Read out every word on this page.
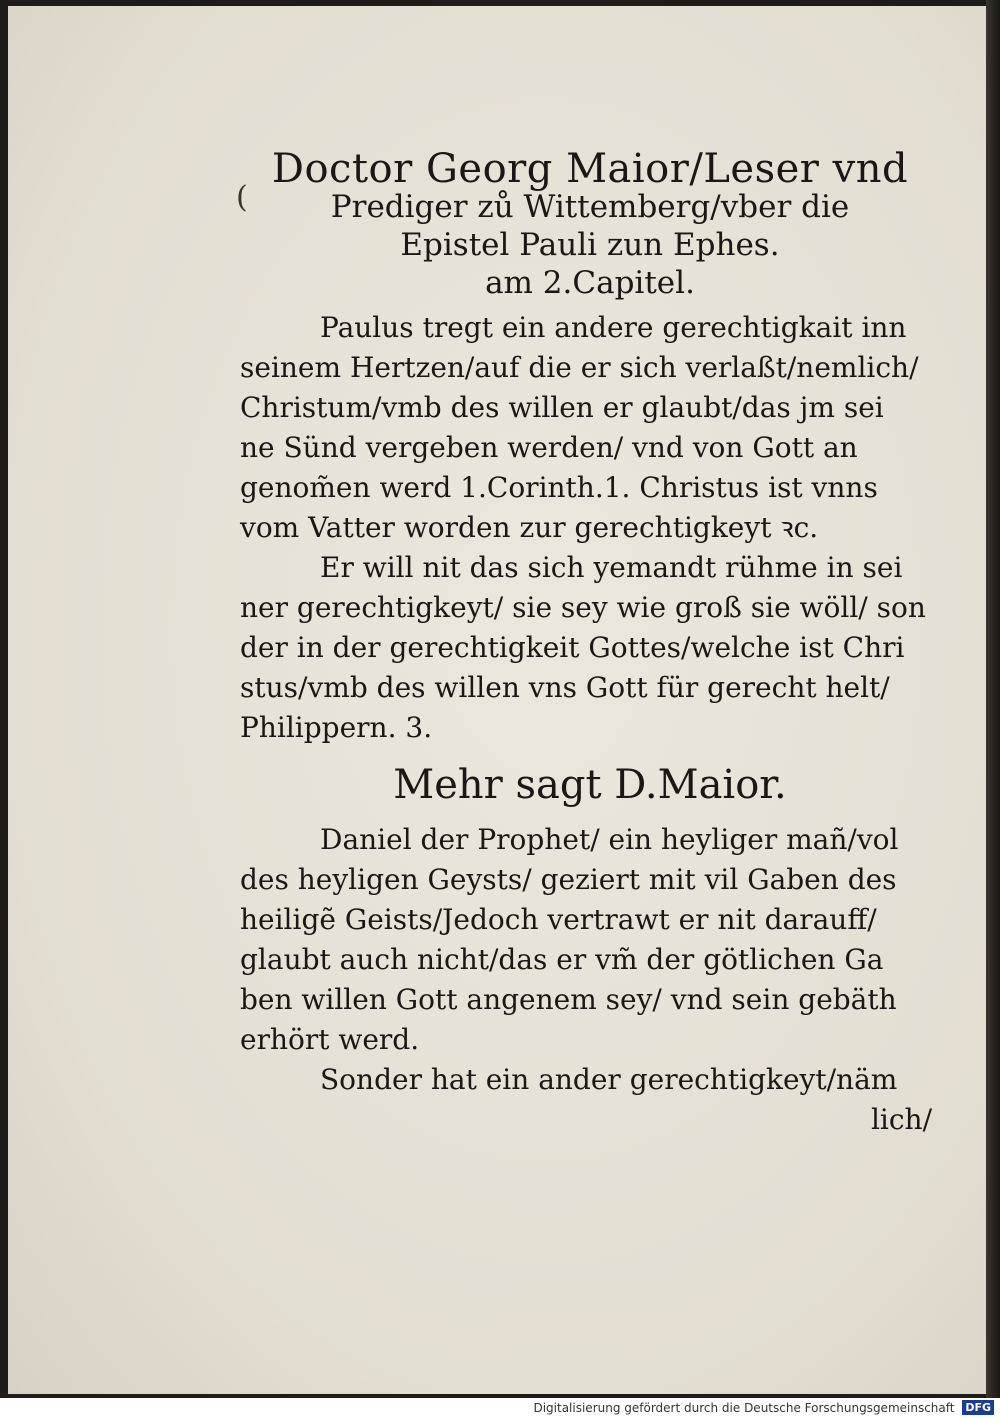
(
Doctor Georg Maior/Leser vnd
Prediger zů Wittemberg/vber die
Epistel Pauli zun Ephes.
am 2.Capitel.

Paulus tregt ein andere gerechtigkait inn
seinem Hertzen/auf die er sich verlaßt/nemlich/
Christum/vmb des willen er glaubt/das jm sei
ne Sünd vergeben werden/ vnd von Gott an
genom̃en werd 1.Corinth.1. Christus ist vnns
vom Vatter worden zur gerechtigkeyt ꝛc.

Er will nit das sich yemandt rühme in sei
ner gerechtigkeyt/ sie sey wie groß sie wöll/ son
der in der gerechtigkeit Gottes/welche ist Chri
stus/vmb des willen vns Gott für gerecht helt/
Philippern. 3.

Mehr sagt D.Maior.

Daniel der Prophet/ ein heyliger mañ/vol
des heyligen Geysts/ geziert mit vil Gaben des
heiligẽ Geists/Jedoch vertrawt er nit darauff/
glaubt auch nicht/das er vm̃ der götlichen Ga
ben willen Gott angenem sey/ vnd sein gebäth
erhört werd.

Sonder hat ein ander gerechtigkeyt/näm
lich/

Digitalisierung gefördert durch die Deutsche Forschungsgemeinschaft DFG
